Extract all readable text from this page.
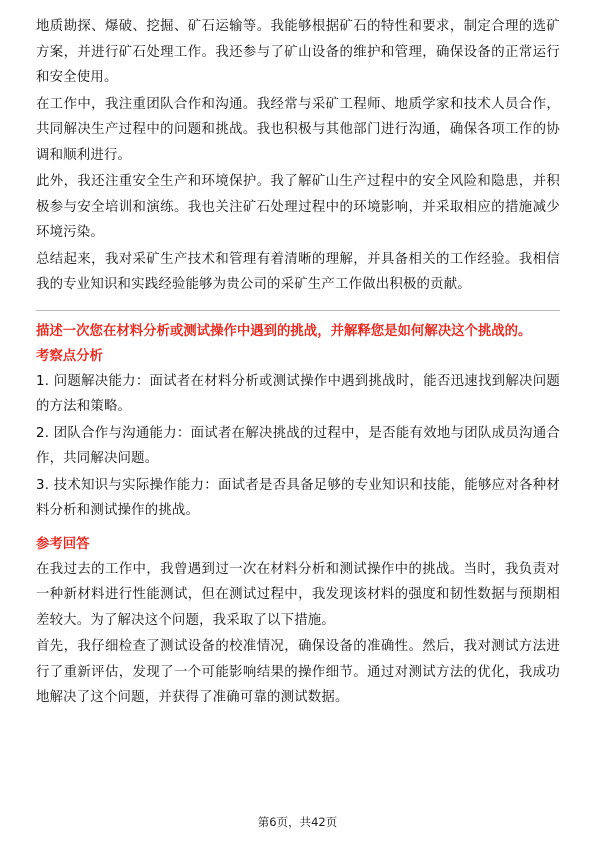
地质勘探、爆破、挖掘、矿石运输等。我能够根据矿石的特性和要求，制定合理的选矿方案，并进行矿石处理工作。我还参与了矿山设备的维护和管理，确保设备的正常运行和安全使用。

在工作中，我注重团队合作和沟通。我经常与采矿工程师、地质学家和技术人员合作，共同解决生产过程中的问题和挑战。我也积极与其他部门进行沟通，确保各项工作的协调和顺利进行。

此外，我还注重安全生产和环境保护。我了解矿山生产过程中的安全风险和隐患，并积极参与安全培训和演练。我也关注矿石处理过程中的环境影响，并采取相应的措施减少环境污染。

总结起来，我对采矿生产技术和管理有着清晰的理解，并具备相关的工作经验。我相信我的专业知识和实践经验能够为贵公司的采矿生产工作做出积极的贡献。

描述一次您在材料分析或测试操作中遇到的挑战，并解释您是如何解决这个挑战的。

考察点分析

1. 问题解决能力：面试者在材料分析或测试操作中遇到挑战时，能否迅速找到解决问题的方法和策略。

2. 团队合作与沟通能力：面试者在解决挑战的过程中，是否能有效地与团队成员沟通合作，共同解决问题。

3. 技术知识与实际操作能力：面试者是否具备足够的专业知识和技能，能够应对各种材料分析和测试操作的挑战。

参考回答

在我过去的工作中，我曾遇到过一次在材料分析和测试操作中的挑战。当时，我负责对一种新材料进行性能测试，但在测试过程中，我发现该材料的强度和韧性数据与预期相差较大。为了解决这个问题，我采取了以下措施。

首先，我仔细检查了测试设备的校准情况，确保设备的准确性。然后，我对测试方法进行了重新评估，发现了一个可能影响结果的操作细节。通过对测试方法的优化，我成功地解决了这个问题，并获得了准确可靠的测试数据。

第6页，共42页
